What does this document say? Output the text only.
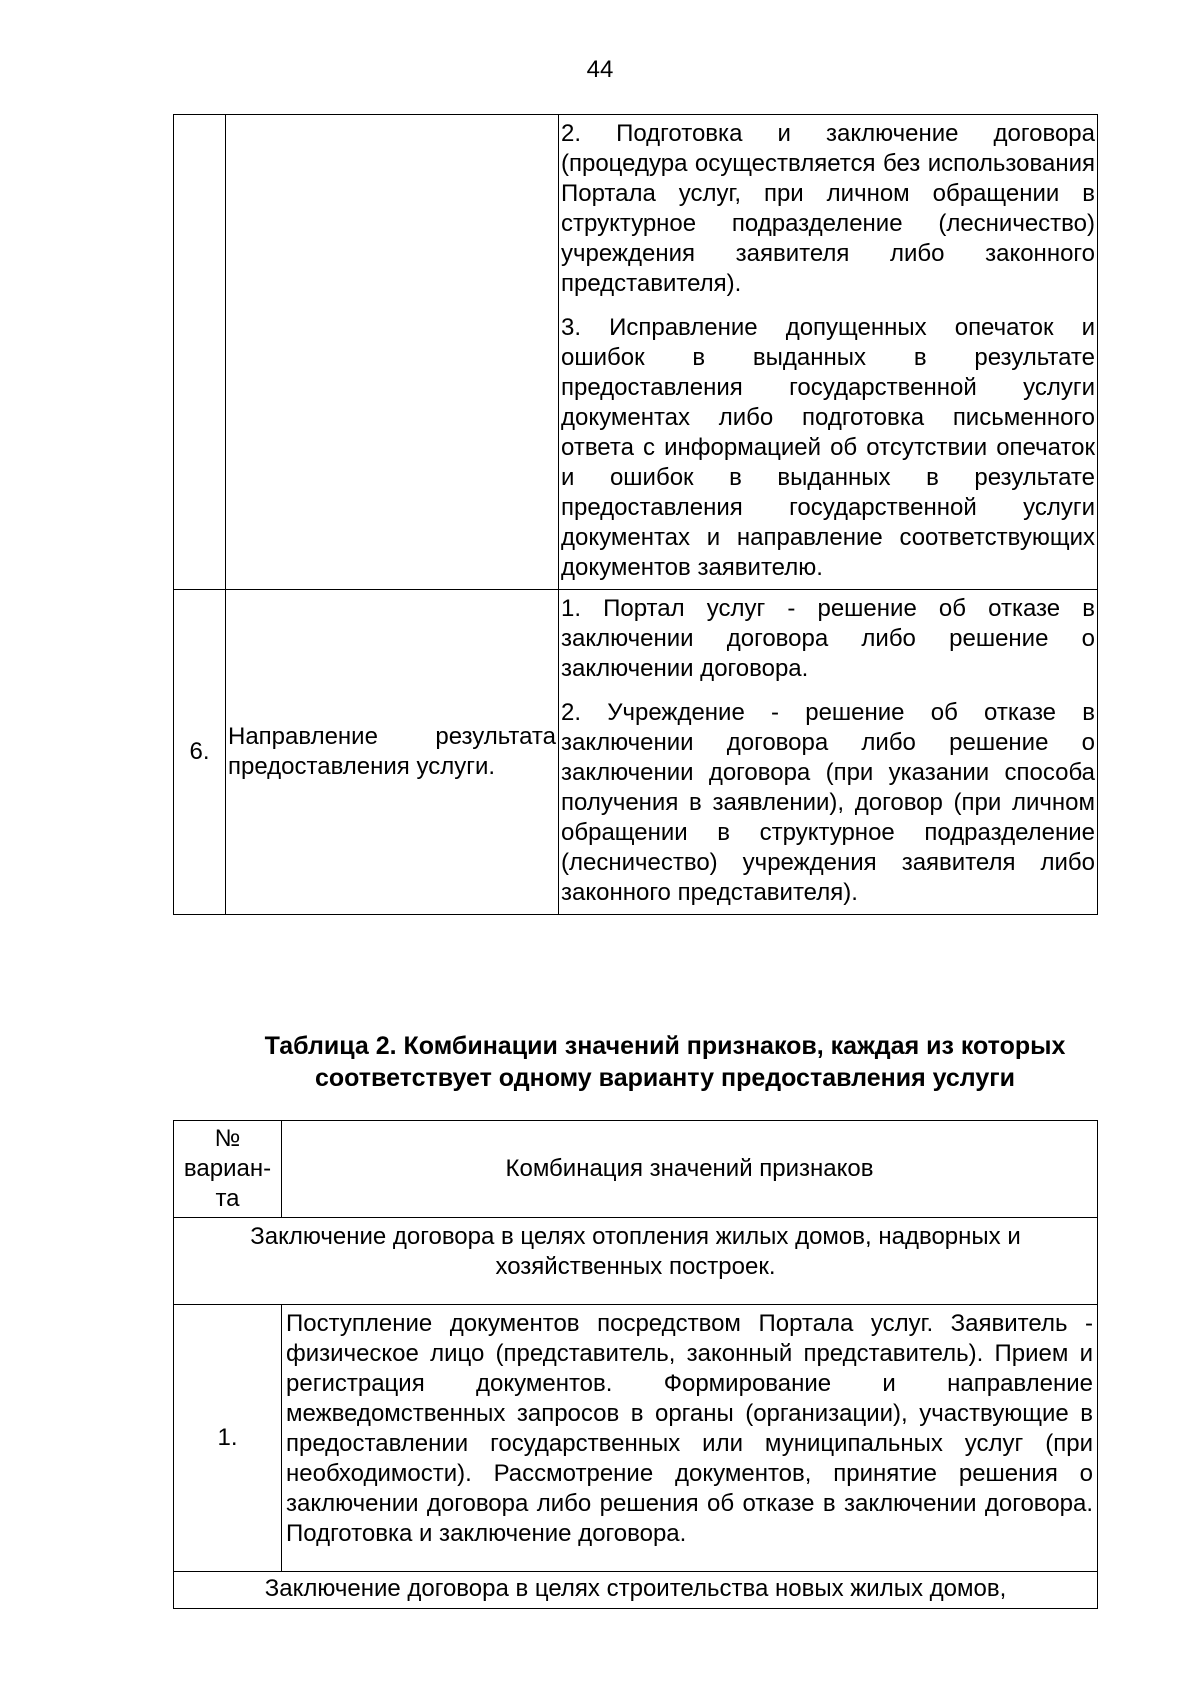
44

		2. Подготовка и заключение договора (процедура осуществляется без использования Портала услуг, при личном обращении в структурное подразделение (лесничество) учреждения заявителя либо законного представителя).

3. Исправление допущенных опечаток и ошибок в выданных в результате предоставления государственной услуги документах либо подготовка письменного ответа с информацией об отсутствии опечаток и ошибок в выданных в результате предоставления государственной услуги документах и направление соответствующих документов заявителю.

6.	Направление результата предоставления услуги.	1. Портал услуг - решение об отказе в заключении договора либо решение о заключении договора.

2. Учреждение - решение об отказе в заключении договора либо решение о заключении договора (при указании способа получения в заявлении), договор (при личном обращении в структурное подразделение (лесничество) учреждения заявителя либо законного представителя).

Таблица 2. Комбинации значений признаков, каждая из которых соответствует одному варианту предоставления услуги
№ вариан-та	Комбинация значений признаков
Заключение договора в целях отопления жилых домов, надворных и хозяйственных построек.	
1.	Поступление документов посредством Портала услуг. Заявитель - физическое лицо (представитель, законный представитель). Прием и регистрация документов. Формирование и направление межведомственных запросов в органы (организации), участвующие в предоставлении государственных или муниципальных услуг (при необходимости). Рассмотрение документов, принятие решения о заключении договора либо решения об отказе в заключении договора. Подготовка и заключение договора.
Заключение договора в целях строительства новых жилых домов,	
